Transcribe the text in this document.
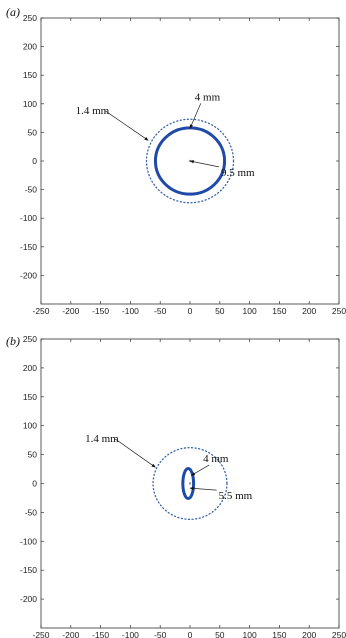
(a)
-250 -200 -150 -100 -50	0	50 100 150 200 250
250
200
150
100
50
0
-50
-100
-150
-200
4 mm
1.4 mm
9.5 mm
(b)
-250 -200 -150 -100 -50	0	50 100 150 200 250
250
200
150
100
50
0
-50
-100
-150
-200
4 mm
1.4 mm
5.5 mm
